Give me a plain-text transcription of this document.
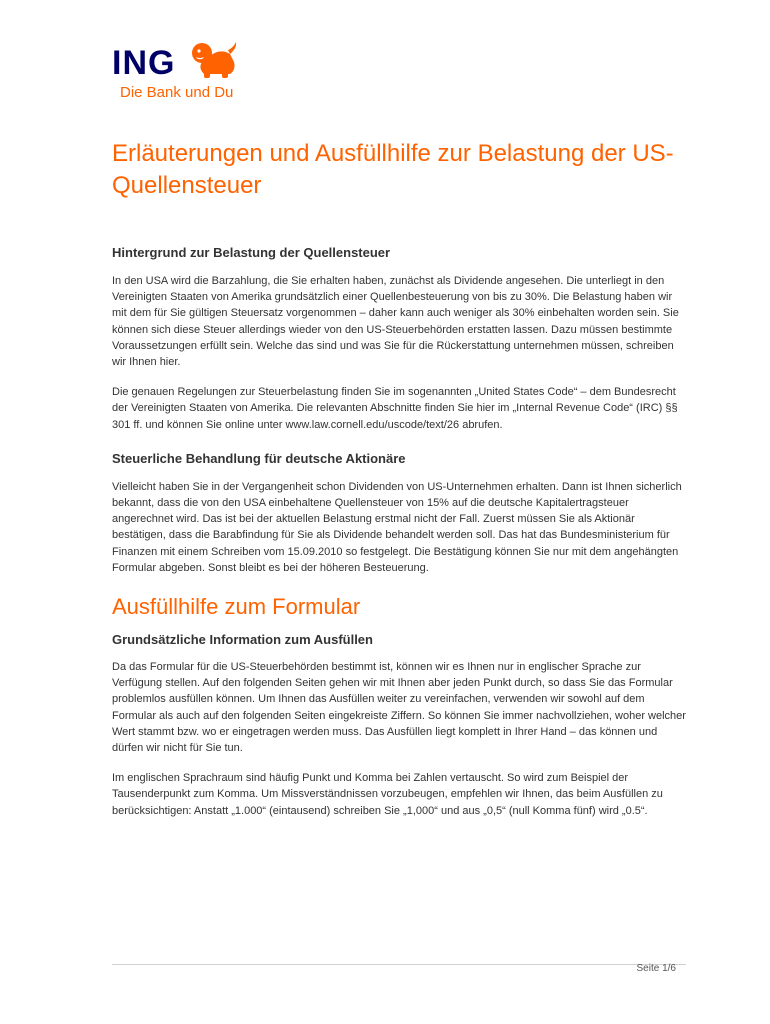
ING
Die Bank und Du
Erläuterungen und Ausfüllhilfe zur Belastung der US-Quellensteuer
Hintergrund zur Belastung der Quellensteuer

In den USA wird die Barzahlung, die Sie erhalten haben, zunächst als Dividende angesehen. Die unterliegt in den Vereinigten Staaten von Amerika grundsätzlich einer Quellenbesteuerung von bis zu 30%. Die Belastung haben wir mit dem für Sie gültigen Steuersatz vorgenommen – daher kann auch weniger als 30% einbehalten worden sein. Sie können sich diese Steuer allerdings wieder von den US-Steuerbehörden erstatten lassen. Dazu müssen bestimmte Voraussetzungen erfüllt sein. Welche das sind und was Sie für die Rückerstattung unternehmen müssen, schreiben wir Ihnen hier.

Die genauen Regelungen zur Steuerbelastung finden Sie im sogenannten „United States Code“ – dem Bundesrecht der Vereinigten Staaten von Amerika. Die relevanten Abschnitte finden Sie hier im „Internal Revenue Code“ (IRC) §§ 301 ff. und können Sie online unter www.law.cornell.edu/uscode/text/26 abrufen.

Steuerliche Behandlung für deutsche Aktionäre

Vielleicht haben Sie in der Vergangenheit schon Dividenden von US-Unternehmen erhalten. Dann ist Ihnen sicherlich bekannt, dass die von den USA einbehaltene Quellensteuer von 15% auf die deutsche Kapitalertragsteuer angerechnet wird. Das ist bei der aktuellen Belastung erstmal nicht der Fall. Zuerst müssen Sie als Aktionär bestätigen, dass die Barabfindung für Sie als Dividende behandelt werden soll. Das hat das Bundesministerium für Finanzen mit einem Schreiben vom 15.09.2010 so festgelegt. Die Bestätigung können Sie nur mit dem angehängten Formular abgeben. Sonst bleibt es bei der höheren Besteuerung.

Ausfüllhilfe zum Formular
Grundsätzliche Information zum Ausfüllen

Da das Formular für die US-Steuerbehörden bestimmt ist, können wir es Ihnen nur in englischer Sprache zur Verfügung stellen. Auf den folgenden Seiten gehen wir mit Ihnen aber jeden Punkt durch, so dass Sie das Formular problemlos ausfüllen können. Um Ihnen das Ausfüllen weiter zu vereinfachen, verwenden wir sowohl auf dem Formular als auch auf den folgenden Seiten eingekreiste Ziffern. So können Sie immer nachvollziehen, woher welcher Wert stammt bzw. wo er eingetragen werden muss. Das Ausfüllen liegt komplett in Ihrer Hand – das können und dürfen wir nicht für Sie tun.

Im englischen Sprachraum sind häufig Punkt und Komma bei Zahlen vertauscht. So wird zum Beispiel der Tausenderpunkt zum Komma. Um Missverständnissen vorzubeugen, empfehlen wir Ihnen, das beim Ausfüllen zu berücksichtigen: Anstatt „1.000“ (eintausend) schreiben Sie „1,000“ und aus „0,5“ (null Komma fünf) wird „0.5“.

Seite 1/6
